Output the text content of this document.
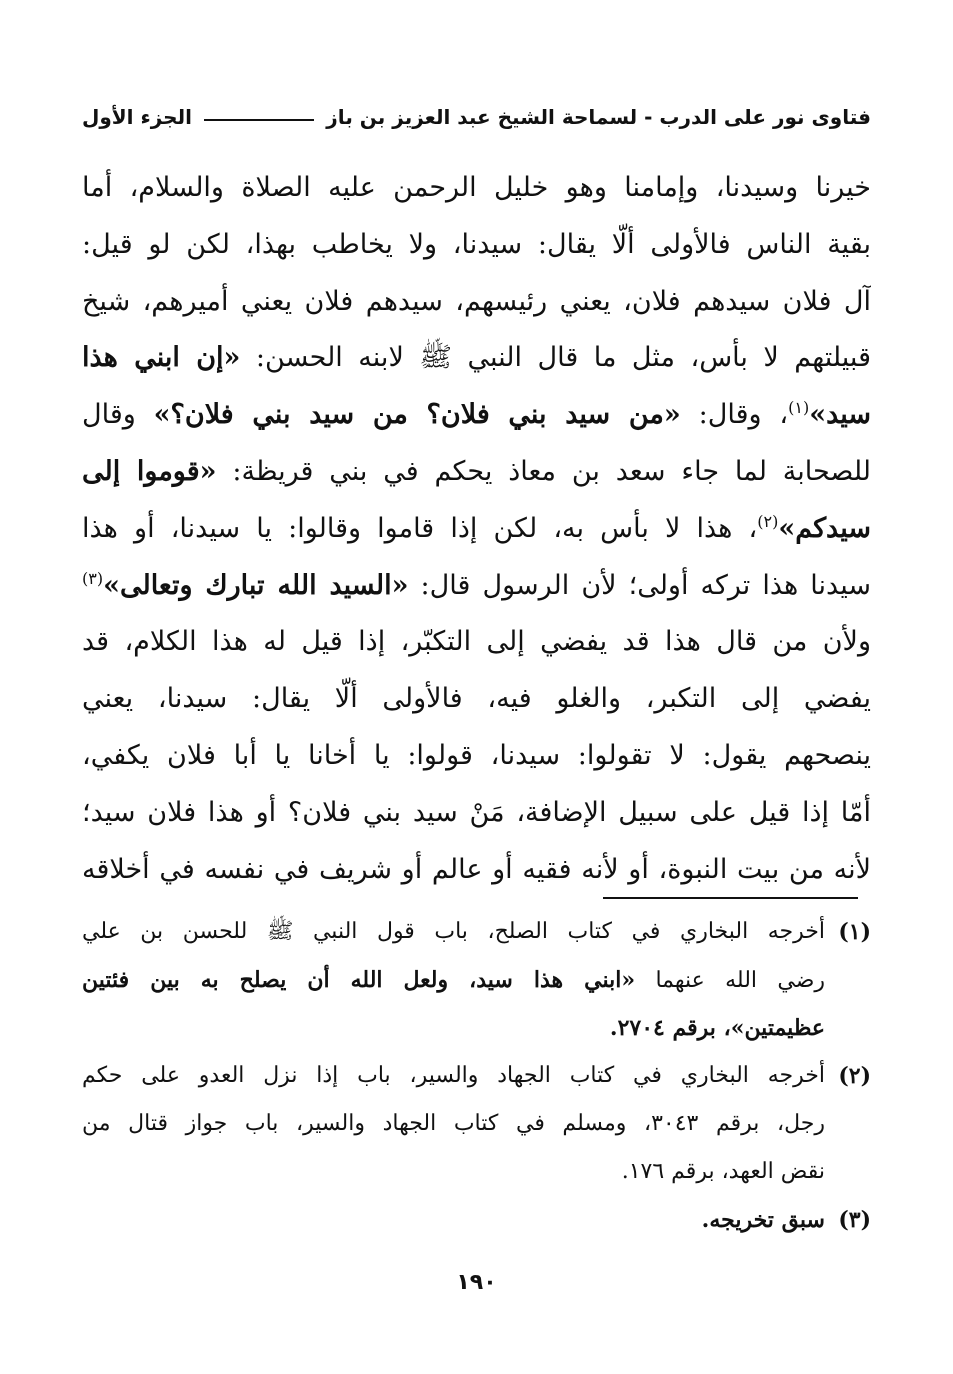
فتاوى نور على الدرب - لسماحة الشيخ عبد العزيز بن باز
الجزء الأول
خيرنا وسيدنا، وإمامنا وهو خليل الرحمن عليه الصلاة والسلام، أما
بقية الناس فالأولى ألّا يقال: سيدنا، ولا يخاطب بهذا، لكن لو قيل:
آل فلان سيدهم فلان، يعني رئيسهم، سيدهم فلان يعني أميرهم، شيخ
قبيلتهم لا بأس، مثل ما قال النبي ﷺ لابنه الحسن: «إن ابني هذا
سيد»$^{(١)}$، وقال: «من سيد بني فلان؟ من سيد بني فلان؟» وقال
للصحابة لما جاء سعد بن معاذ يحكم في بني قريظة: «قوموا إلى
سيدكم»$^{(٢)}$، هذا لا بأس به، لكن إذا قاموا وقالوا: يا سيدنا، أو هذا
سيدنا هذا تركه أولى؛ لأن الرسول قال: «السيد الله تبارك وتعالى»$^{(٣)}$
ولأن من قال هذا قد يفضي إلى التكبّر، إذا قيل له هذا الكلام، قد
يفضي إلى التكبر، والغلو فيه، فالأولى ألّا يقال: سيدنا، يعني
ينصحهم يقول: لا تقولوا: سيدنا، قولوا: يا أخانا يا أبا فلان يكفي،
أمّا إذا قيل على سبيل الإضافة، مَنْ سيد بني فلان؟ أو هذا فلان سيد؛
لأنه من بيت النبوة، أو لأنه فقيه أو عالم أو شريف في نفسه في أخلاقه
(١)
أخرجه البخاري في كتاب الصلح، باب قول النبي ﷺ للحسن بن علي
رضي الله عنهما «ابني هذا سيد، ولعل الله أن يصلح به بين فئتين
عظيمتين»، برقم ٢٧٠٤.
(٢)
أخرجه البخاري في كتاب الجهاد والسير، باب إذا نزل العدو على حكم
رجل، برقم ٣٠٤٣، ومسلم في كتاب الجهاد والسير، باب جواز قتال من
نقض العهد، برقم ١٧٦.
(٣)
سبق تخريجه.
١٩٠
